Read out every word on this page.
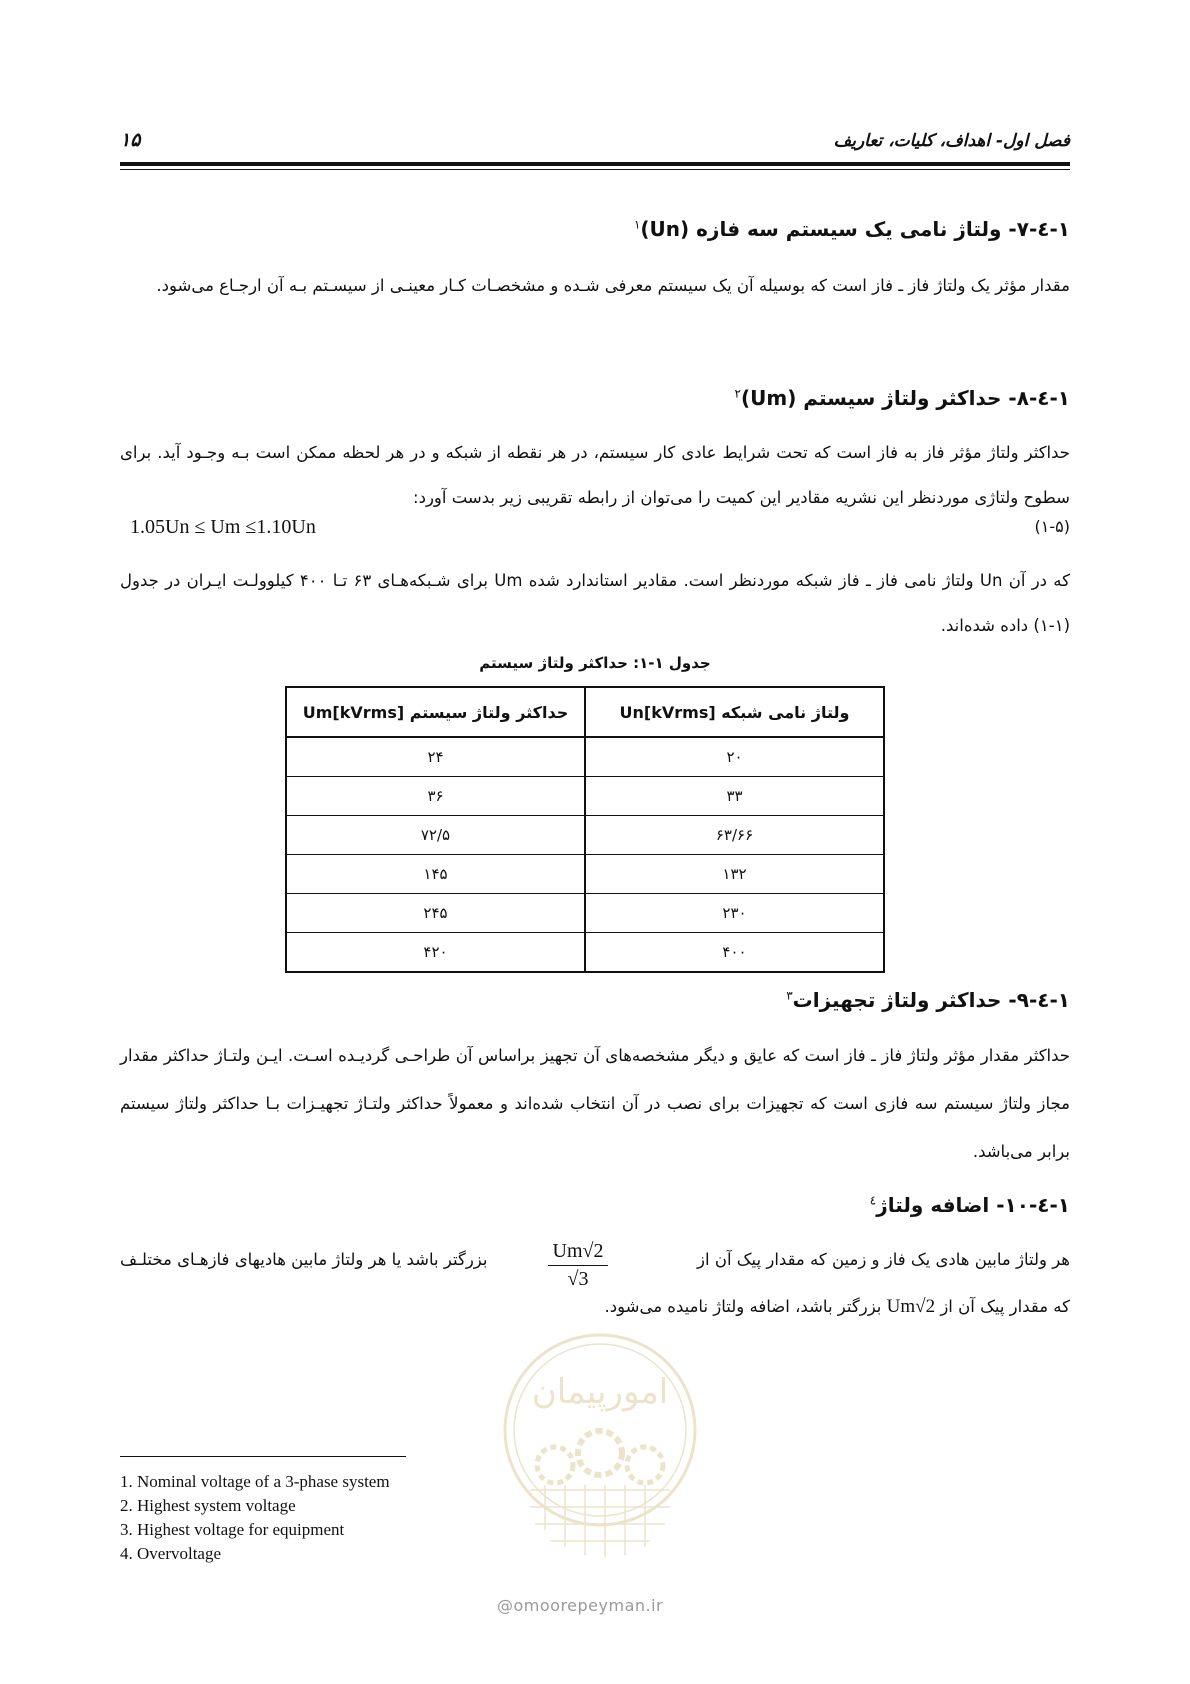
فصل اول- اهداف، کلیات، تعاریف
۱۵
۱-٤-۷- ولتاژ نامی یک سیستم سه فازه $(Un)^۱$
مقدار مؤثر یک ولتاژ فاز ـ فاز است که بوسیله آن یک سیستم معرفی شـده و مشخصـات کـار معینـی از سیسـتم بـه آن ارجـاع می‌شود.
۱-٤-۸- حداکثر ولتاژ سیستم $(Um)^۲$
حداکثر ولتاژ مؤثر فاز به فاز است که تحت شرایط عادی کار سیستم، در هر نقطه از شبکه و در هر لحظه ممکن است بـه وجـود آید. برای سطوح ولتاژی موردنظر این نشریه مقادیر این کمیت را می‌توان از رابطه تقریبی زیر بدست آورد:
1.05Un ≤ Um ≤1.10Un	(۱-۵)
که در آن Un ولتاژ نامی فاز ـ فاز شبکه موردنظر است. مقادیر استاندارد شده Um برای شـبکه‌هـای ۶۳ تـا ۴۰۰ کیلوولـت ایـران در جدول (۱-۱) داده شده‌اند.
جدول ۱-۱: حداکثر ولتاژ سیستم
ولتاژ نامی شبکه [Un[kVrms	حداکثر ولتاژ سیستم [Um[kVrms
۲۰	۲۴
۳۳	۳۶
۶۳/۶۶	۷۲/۵
۱۳۲	۱۴۵
۲۳۰	۲۴۵
۴۰۰	۴۲۰
۱-٤-۹- حداکثر ولتاژ تجهیزات$^۳$
حداکثر مقدار مؤثر ولتاژ فاز ـ فاز است که عایق و دیگر مشخصه‌های آن تجهیز براساس آن طراحـی گردیـده اسـت. ایـن ولتـاژ حداکثر مقدار مجاز ولتاژ سیستم سه فازی است که تجهیزات برای نصب در آن انتخاب شده‌اند و معمولاً حداکثر ولتـاژ تجهیـزات بـا حداکثر ولتاژ سیستم برابر می‌باشد.
۱-٤-۱۰- اضافه ولتاژ$^٤$
هر ولتاژ مابین هادی یک فاز و زمین که مقدار پیک آن از
$\frac{Um√2}{√3}$
بزرگتر باشد یا هر ولتاژ مابین هادیهای فازهـای مختلـف
که مقدار پیک آن از Um√2 بزرگتر باشد، اضافه ولتاژ نامیده می‌شود.
امورپیمان
@omoorepeyman.ir
1. Nominal voltage of a 3-phase system
2. Highest system voltage
3. Highest voltage for equipment
4. Overvoltage
